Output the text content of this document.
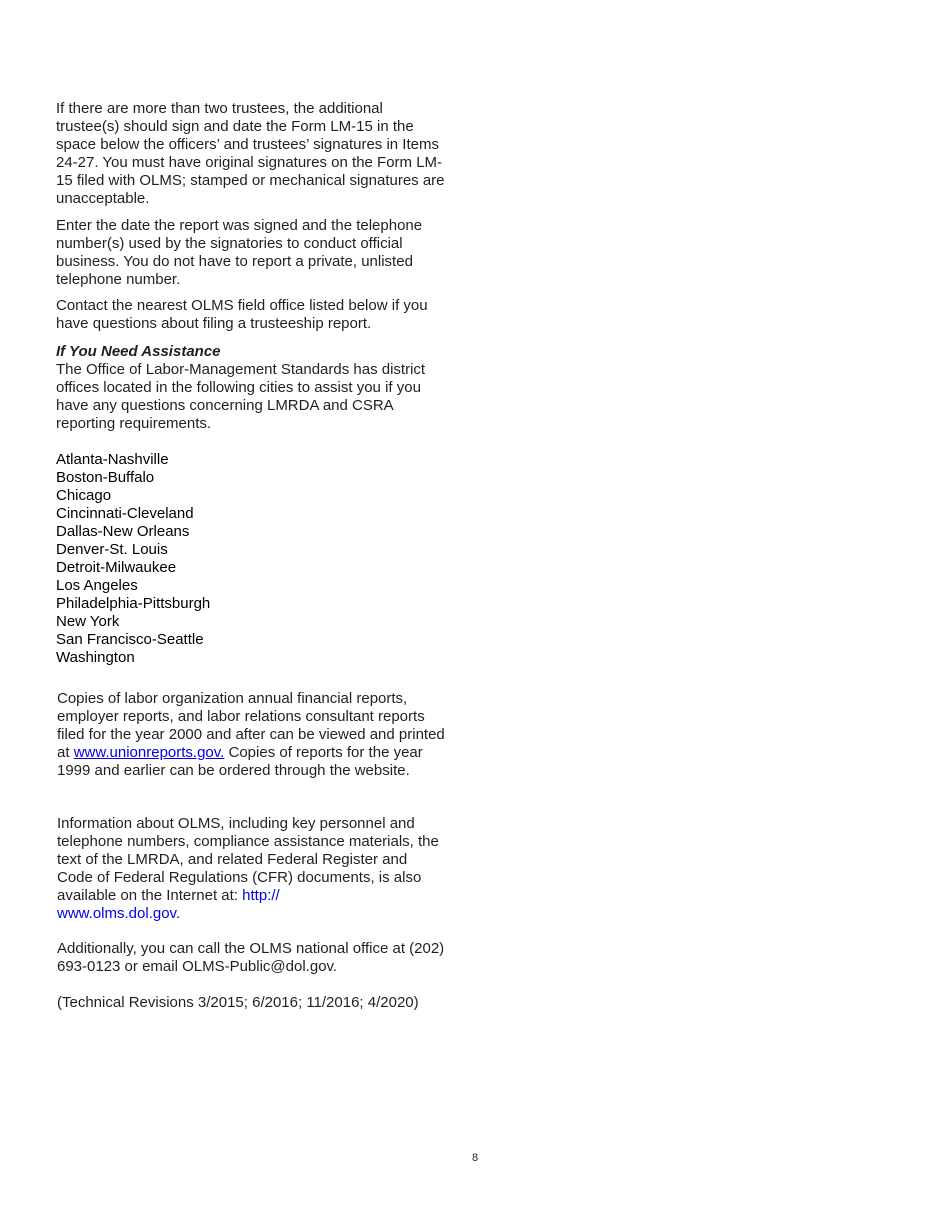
If there are more than two trustees, the additional trustee(s) should sign and date the Form LM-15 in the space below the officers’ and trustees’ signatures in Items 24-27. You must have original signatures on the Form LM-15 filed with OLMS; stamped or mechanical signatures are unacceptable.

Enter the date the report was signed and the telephone number(s) used by the signatories to conduct official business. You do not have to report a private, unlisted telephone number.

Contact the nearest OLMS field office listed below if you have questions about filing a trusteeship report.

If You Need Assistance
The Office of Labor-Management Standards has district offices located in the following cities to assist you if you have any questions concerning LMRDA and CSRA reporting requirements.
Atlanta-Nashville
Boston-Buffalo
Chicago
Cincinnati-Cleveland
Dallas-New Orleans
Denver-St. Louis
Detroit-Milwaukee
Los Angeles
Philadelphia-Pittsburgh
New York
San Francisco-Seattle
Washington

Copies of labor organization annual financial reports, employer reports, and labor relations consultant reports filed for the year 2000 and after can be viewed and printed at www.unionreports.gov. Copies of reports for the year 1999 and earlier can be ordered through the website.

Information about OLMS, including key personnel and telephone numbers, compliance assistance materials, the text of the LMRDA, and related Federal Register and Code of Federal Regulations (CFR) documents, is also available on the Internet at: http://
www.olms.dol.gov.

Additionally, you can call the OLMS national office at (202) 693-0123 or email OLMS-Public@dol.gov.

(Technical Revisions 3/2015; 6/2016; 11/2016; 4/2020)

8
